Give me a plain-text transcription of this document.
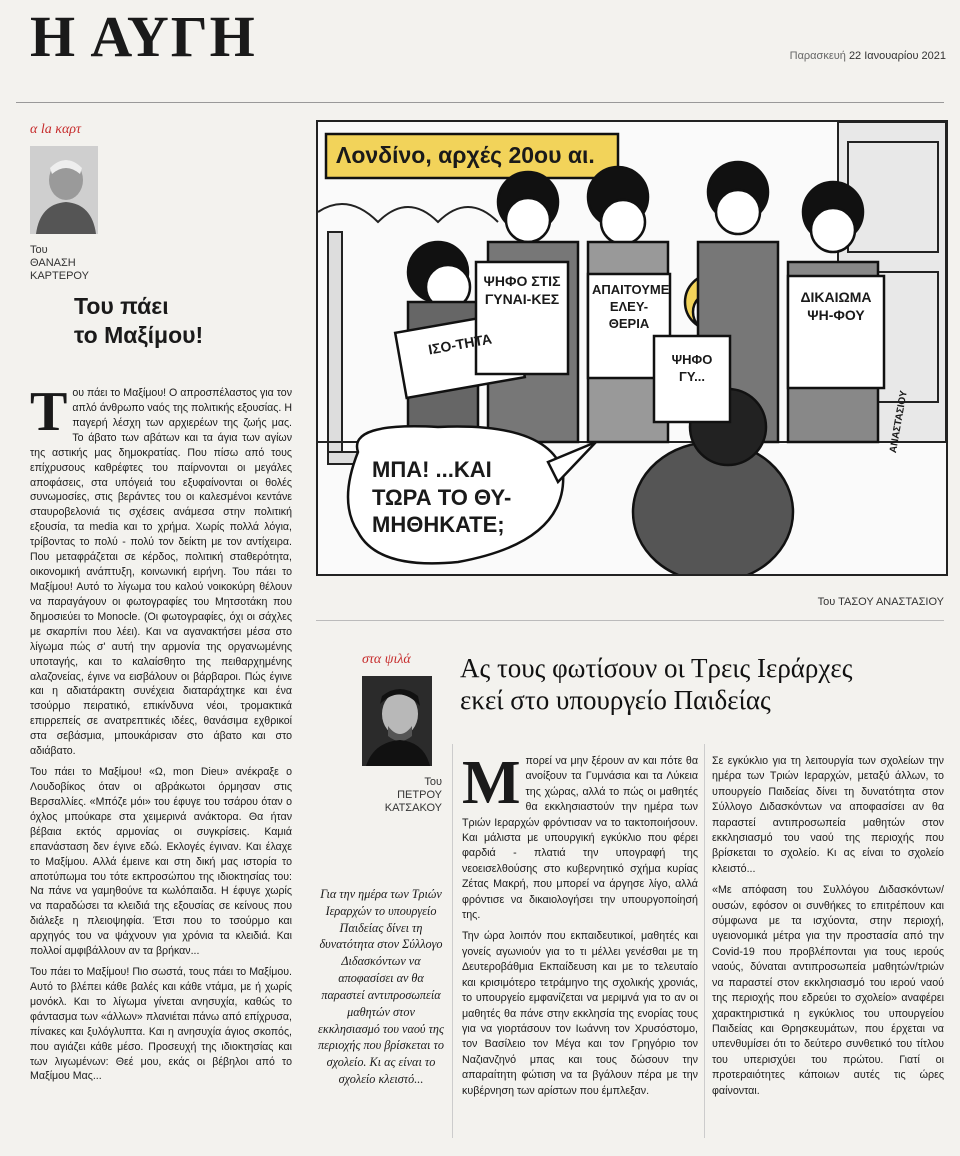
Η ΑΥΓΗ	Παρασκευή 22 Ιανουαρίου 2021
α la καρτ
Του
ΘΑΝΑΣΗ
ΚΑΡΤΕΡΟΥ
Του πάει
το Μαξίμου!

Του πάει το Μαξίμου! Ο απροσπέλαστος για τον απλό άνθρωπο ναός της πολιτικής εξουσίας. Η παγερή λέσχη των αρχιερέων της ζωής μας. Το άβατο των αβάτων και τα άγια των αγίων της αστικής μας δημοκρατίας. Που πίσω από τους επίχρυσους καθρέφτες του παίρνονται οι μεγάλες αποφάσεις, στα υπόγειά του εξυφαίνονται οι θολές συνωμοσίες, στις βεράντες του οι καλεσμένοι κεντάνε σταυροβελονιά τις σχέσεις ανάμεσα στην πολιτική εξουσία, τα media και το χρήμα. Χωρίς πολλά λόγια, τρίβοντας το πολύ - πολύ τον δείκτη με τον αντίχειρα. Που μεταφράζεται σε κέρδος, πολιτική σταθερότητα, οικονομική ανάπτυξη, κοινωνική ειρήνη. Του πάει το Μαξίμου! Αυτό το λίγωμα του καλού νοικοκύρη θέλουν να παραγάγουν οι φωτογραφίες του Μητσοτάκη που δημοσιεύει το Monocle. (Οι φωτογραφίες, όχι οι σάχλες με σκαρπίνι που λέει). Και να αγανακτήσει μέσα στο λίγωμα πώς σ' αυτή την αρμονία της οργανωμένης υποταγής, και το καλαίσθητο της πειθαρχημένης αλαζονείας, έγινε να εισβάλουν οι βάρβαροι. Πώς έγινε και η αδιατάρακτη συνέχεια διαταράχτηκε και ένα τσούρμο πειρατικό, επικίνδυνα νέοι, τρομακτικά επιρρεπείς σε ανατρεπτικές ιδέες, θανάσιμα εχθρικοί στα σεβάσμια, μπουκάρισαν στο άβατο και στο αδιάβατο.

Του πάει το Μαξίμου! «Ω, mon Dieu» ανέκραξε ο Λουδοβίκος όταν οι αβράκωτοι όρμησαν στις Βερσαλλίες. «Μπόζε μόι» του έφυγε του τσάρου όταν ο όχλος μπούκαρε στα χειμερινά ανάκτορα. Θα ήταν βέβαια εκτός αρμονίας οι συγκρίσεις. Καμιά επανάσταση δεν έγινε εδώ. Εκλογές έγιναν. Και έλαχε το Μαξίμου. Αλλά έμεινε και στη δική μας ιστορία το αποτύπωμα του τότε εκπροσώπου της ιδιοκτησίας του: Να πάνε να γαμηθούνε τα κωλόπαιδα. Η έφυγε χωρίς να παραδώσει τα κλειδιά της εξουσίας σε κείνους που διάλεξε η πλειοψηφία. Έτσι που το τσούρμο και αρχηγός του να ψάχνουν για χρόνια τα κλειδιά. Και πολλοί αμφιβάλλουν αν τα βρήκαν...

Του πάει το Μαξίμου! Πιο σωστά, τους πάει το Μαξίμου. Αυτό το βλέπει κάθε βαλές και κάθε ντάμα, με ή χωρίς μονόκλ. Και το λίγωμα γίνεται ανησυχία, καθώς το φάντασμα των «άλλων» πλανιέται πάνω από επίχρυσα, πίνακες και ξυλόγλυπτα. Και η ανησυχία άγιος σκοπός, που αγιάζει κάθε μέσο. Προσευχή της ιδιοκτησίας και των λιγωμένων: Θεέ μου, εκάς οι βέβηλοι από το Μαξίμου Μας...

Λονδίνο, αρχές 20ου αι.
ΙΣΟ-ΤΗΤΑ
ΨΗΦΟ ΣΤΙΣ ΓΥΝΑΙ-ΚΕΣ
ΑΠΑΙΤΟΥΜΕ ΕΛΕΥ-ΘΕΡΙΑ
ΨΗΦΟ ΓΥ...
ΔΙΚΑΙΩΜΑ ΨΗ-ΦΟΥ
ΜΠΑ! ...ΚΑΙ ΤΩΡΑ ΤΟ ΘΥ-ΜΗΘΗΚΑΤΕ;
ΑΝΑΣΤΑΣΙΟΥ
Του ΤΑΣΟΥ ΑΝΑΣΤΑΣΙΟΥ
στα ψιλά
Του
ΠΕΤΡΟΥ
ΚΑΤΣΑΚΟΥ
Ας τους φωτίσουν οι Τρεις Ιεράρχες
εκεί στο υπουργείο Παιδείας
Για την ημέρα των Τριών Ιεραρχών το υπουργείο Παιδείας δίνει τη δυνατότητα στον Σύλλογο Διδασκόντων να αποφασίσει αν θα παραστεί αντιπροσωπεία μαθητών στον εκκλησιασμό του ναού της περιοχής που βρίσκεται το σχολείο. Κι ας είναι το σχολείο κλειστό...

Μπορεί να μην ξέρουν αν και πότε θα ανοίξουν τα Γυμνάσια και τα Λύκεια της χώρας, αλλά το πώς οι μαθητές θα εκκλησιαστούν την ημέρα των Τριών Ιεραρχών φρόντισαν να το τακτοποιήσουν. Και μάλιστα με υπουργική εγκύκλιο που φέρει φαρδιά - πλατιά την υπογραφή της νεοεισελθούσης στο κυβερνητικό σχήμα κυρίας Ζέτας Μακρή, που μπορεί να άργησε λίγο, αλλά φρόντισε να δικαιολογήσει την υπουργοποίησή της.

Την ώρα λοιπόν που εκπαιδευτικοί, μαθητές και γονείς αγωνιούν για το τι μέλλει γενέσθαι με τη Δευτεροβάθμια Εκπαίδευση και με το τελευταίο και κρισιμότερο τετράμηνο της σχολικής χρονιάς, το υπουργείο εμφανίζεται να μεριμνά για το αν οι μαθητές θα πάνε στην εκκλησία της ενορίας τους για να γιορτάσουν τον Ιωάννη τον Χρυσόστομο, τον Βασίλειο τον Μέγα και τον Γρηγόριο τον Ναζιανζηνό μπας και τους δώσουν την απαραίτητη φώτιση να τα βγάλουν πέρα με την κυβέρνηση των αρίστων που έμπλεξαν.

Σε εγκύκλιο για τη λειτουργία των σχολείων την ημέρα των Τριών Ιεραρχών, μεταξύ άλλων, το υπουργείο Παιδείας δίνει τη δυνατότητα στον Σύλλογο Διδασκόντων να αποφασίσει αν θα παραστεί αντιπροσωπεία μαθητών στον εκκλησιασμό του ναού της περιοχής που βρίσκεται το σχολείο. Κι ας είναι το σχολείο κλειστό...

«Με απόφαση του Συλλόγου Διδασκόντων/ουσών, εφόσον οι συνθήκες το επιτρέπουν και σύμφωνα με τα ισχύοντα, στην περιοχή, υγειονομικά μέτρα για την προστασία από την Covid-19 που προβλέπονται για τους ιερούς ναούς, δύναται αντιπροσωπεία μαθητών/τριών να παραστεί στον εκκλησιασμό του ιερού ναού της περιοχής που εδρεύει το σχολείο» αναφέρει χαρακτηριστικά η εγκύκλιος του υπουργείου Παιδείας και Θρησκευμάτων, που έρχεται να υπενθυμίσει ότι το δεύτερο συνθετικό του τίτλου του υπερισχύει του πρώτου. Γιατί οι προτεραιότητες κάποιων αυτές τις ώρες φαίνονται.
